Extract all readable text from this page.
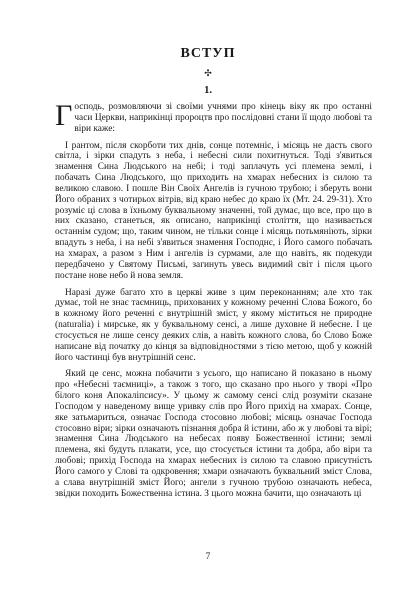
ВСТУП
✣
1.

Господь, розмовляючи зі своїми учнями про кінець віку як про останні часи Церкви, наприкінці пророцтв про послідовні стани її щодо любові та віри каже:

І рантом, після скорботи тих днів, сонце потемніє, і місяць не дасть свого світла, і зірки спадуть з неба, і небесні сили похитнуться. Тоді з'явиться знамення Сина Людського на небі; і тоді заплачуть усі племена землі, і побачать Сина Людського, що приходить на хмарах небесних із силою та великою славою. І пошле Він Своїх Ангелів із гучною трубою; і зберуть вони Його обраних з чотирьох вітрів, від краю небес до краю їх (Мт. 24. 29-31). Хто розуміє ці слова в їхньому буквальному значенні, той думає, що все, про що в них сказано, станеться, як описано, наприкінці століття, що називається останнім судом; що, таким чином, не тільки сонце і місяць потьмяніють, зірки впадуть з неба, і на небі з'явиться знамення Господнє, і Його самого побачать на хмарах, а разом з Ним і ангелів із сурмами, але що навіть, як подекуди передбачено у Святому Письмі, загинуть увесь видимий світ і після цього постане нове небо й нова земля.

Наразі дуже багато хто в церкві живе з цим переконанням; але хто так думає, той не знає таємниць, прихованих у кожному реченні Слова Божого, бо в кожному його реченні є внутрішній зміст, у якому міститься не природне (naturalia) і мирське, як у буквальному сенсі, а лише духовне й небесне. І це стосується не лише сенсу деяких слів, а навіть кожного слова, бо Слово Боже написане від початку до кінця за відповідностями з тією метою, щоб у кожній його частинці був внутрішній сенс.

Який це сенс, можна побачити з усього, що написано й показано в ньому про «Небесні таємниці», а також з того, що сказано про нього у творі «Про білого коня Апокаліпсису». У цьому ж самому сенсі слід розуміти сказане Господом у наведеному вище уривку слів про Його прихід на хмарах. Сонце, яке затьмариться, означає Господа стосовно любові; місяць означає Господа стосовно віри; зірки означають пізнання добра й істини, або ж у любові та вірі; знамення Сина Людського на небесах появу Божественної істини; землі племена, які будуть плакати, усе, що стосується істини та добра, або віри та любові; прихід Господа на хмарах небесних із силою та славою присутність Його самого у Слові та одкровення; хмари означають буквальний зміст Слова, а слава внутрішній зміст Його; ангели з гучною трубою означають небеса, звідки походить Божественна істина. З цього можна бачити, що означають ці

7
